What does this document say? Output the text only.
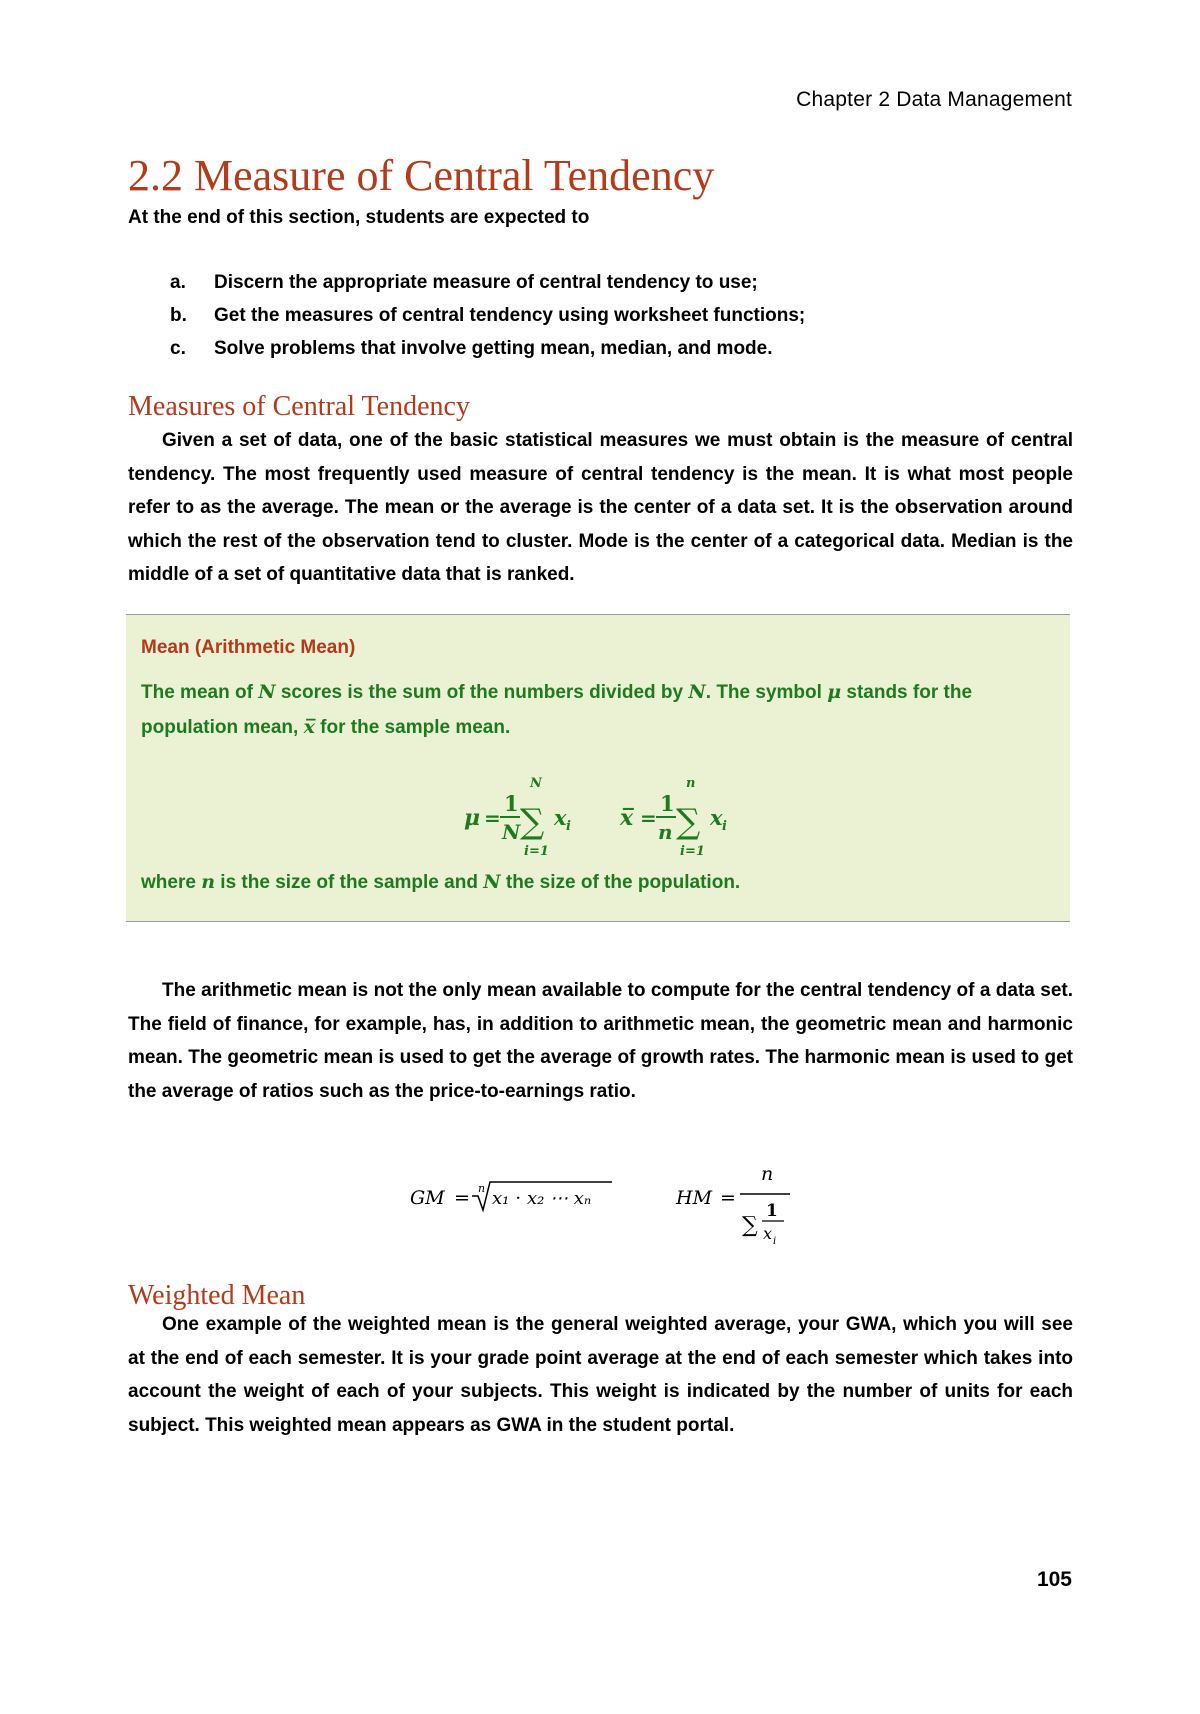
Chapter 2 Data Management
2.2 Measure of Central Tendency

At the end of this section, students are expected to

a.	Discern the appropriate measure of central tendency to use;
b.	Get the measures of central tendency using worksheet functions;
c.	Solve problems that involve getting mean, median, and mode.
Measures of Central Tendency

Given a set of data, one of the basic statistical measures we must obtain is the measure of central tendency. The most frequently used measure of central tendency is the mean. It is what most people refer to as the average. The mean or the average is the center of a data set. It is the observation around which the rest of the observation tend to cluster. Mode is the center of a categorical data. Median is the middle of a set of quantitative data that is ranked.

Mean (Arithmetic Mean)

The mean of N scores is the sum of the numbers divided by N. The symbol μ stands for the population mean, x̅ for the sample mean.

μ =
1
N ∑
N
i=1
x i x̅ =
1
n ∑
n
i=1
x i

where n is the size of the sample and N the size of the population.

The arithmetic mean is not the only mean available to compute for the central tendency of a data set. The field of finance, for example, has, in addition to arithmetic mean, the geometric mean and harmonic mean. The geometric mean is used to get the average of growth rates. The harmonic mean is used to get the average of ratios such as the price-to-earnings ratio.

GM = n x₁ ⋅ x₂ ⋯ xₙ	HM =
n
∑
1
x i
Weighted Mean

One example of the weighted mean is the general weighted average, your GWA, which you will see at the end of each semester. It is your grade point average at the end of each semester which takes into account the weight of each of your subjects. This weight is indicated by the number of units for each subject. This weighted mean appears as GWA in the student portal.

105
